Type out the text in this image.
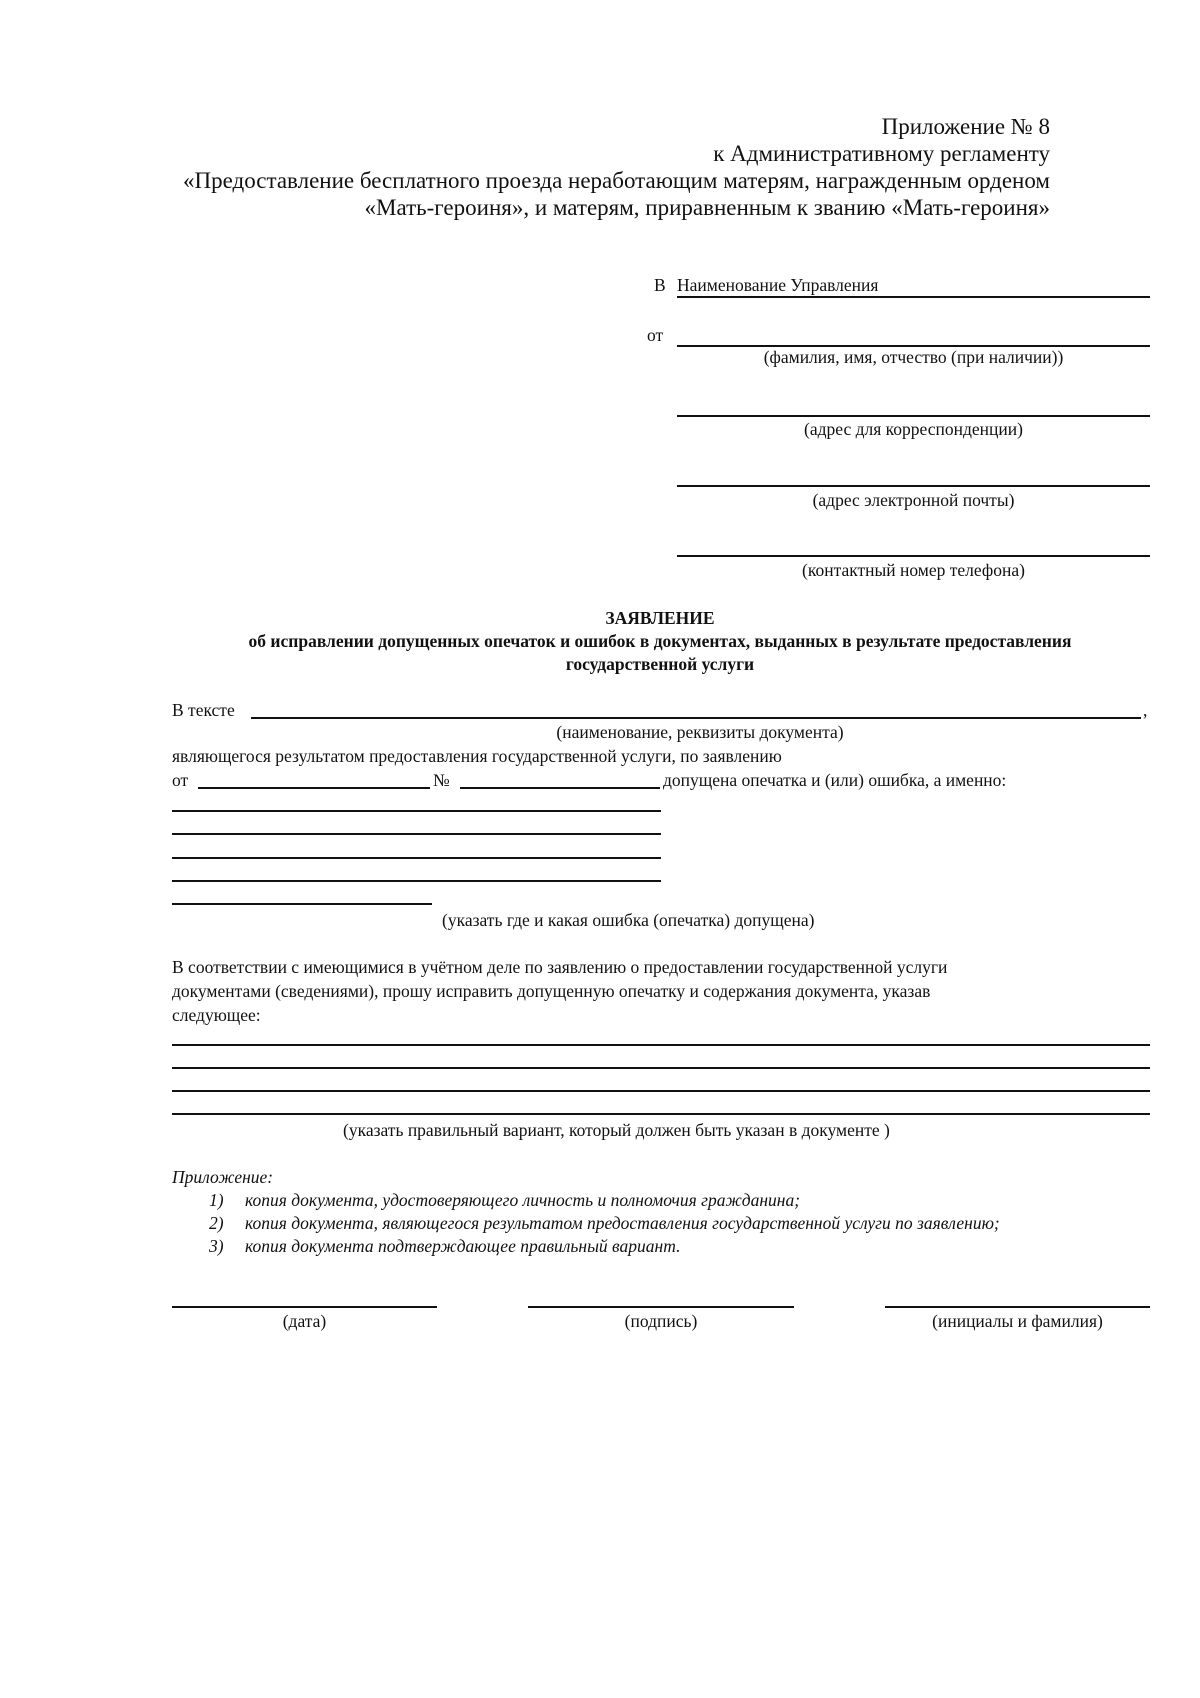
Приложение № 8
к Административному регламенту
«Предоставление бесплатного проезда неработающим матерям, награжденным орденом
«Мать-героиня», и матерям, приравненным к званию «Мать-героиня»
В Наименование Управления
от
(фамилия, имя, отчество (при наличии))
(адрес для корреспонденции)
(адрес электронной почты)
(контактный номер телефона)
ЗАЯВЛЕНИЕ
об исправлении допущенных опечаток и ошибок в документах, выданных в результате предоставления
государственной услуги
В тексте	,
(наименование, реквизиты документа)
являющегося результатом предоставления государственной услуги, по заявлению
от	№	допущена опечатка и (или) ошибка, а именно:
(указать где и какая ошибка (опечатка) допущена)
В соответствии с имеющимися в учётном деле по заявлению о предоставлении государственной услуги
документами (сведениями), прошу исправить допущенную опечатку и содержания документа, указав
следующее:
(указать правильный вариант, который должен быть указан в документе )
Приложение:
1) копия документа, удостоверяющего личность и полномочия гражданина;
2) копия документа, являющегося результатом предоставления государственной услуги по заявлению;
3) копия документа подтверждающее правильный вариант.
(дата)	(подпись)	(инициалы и фамилия)
